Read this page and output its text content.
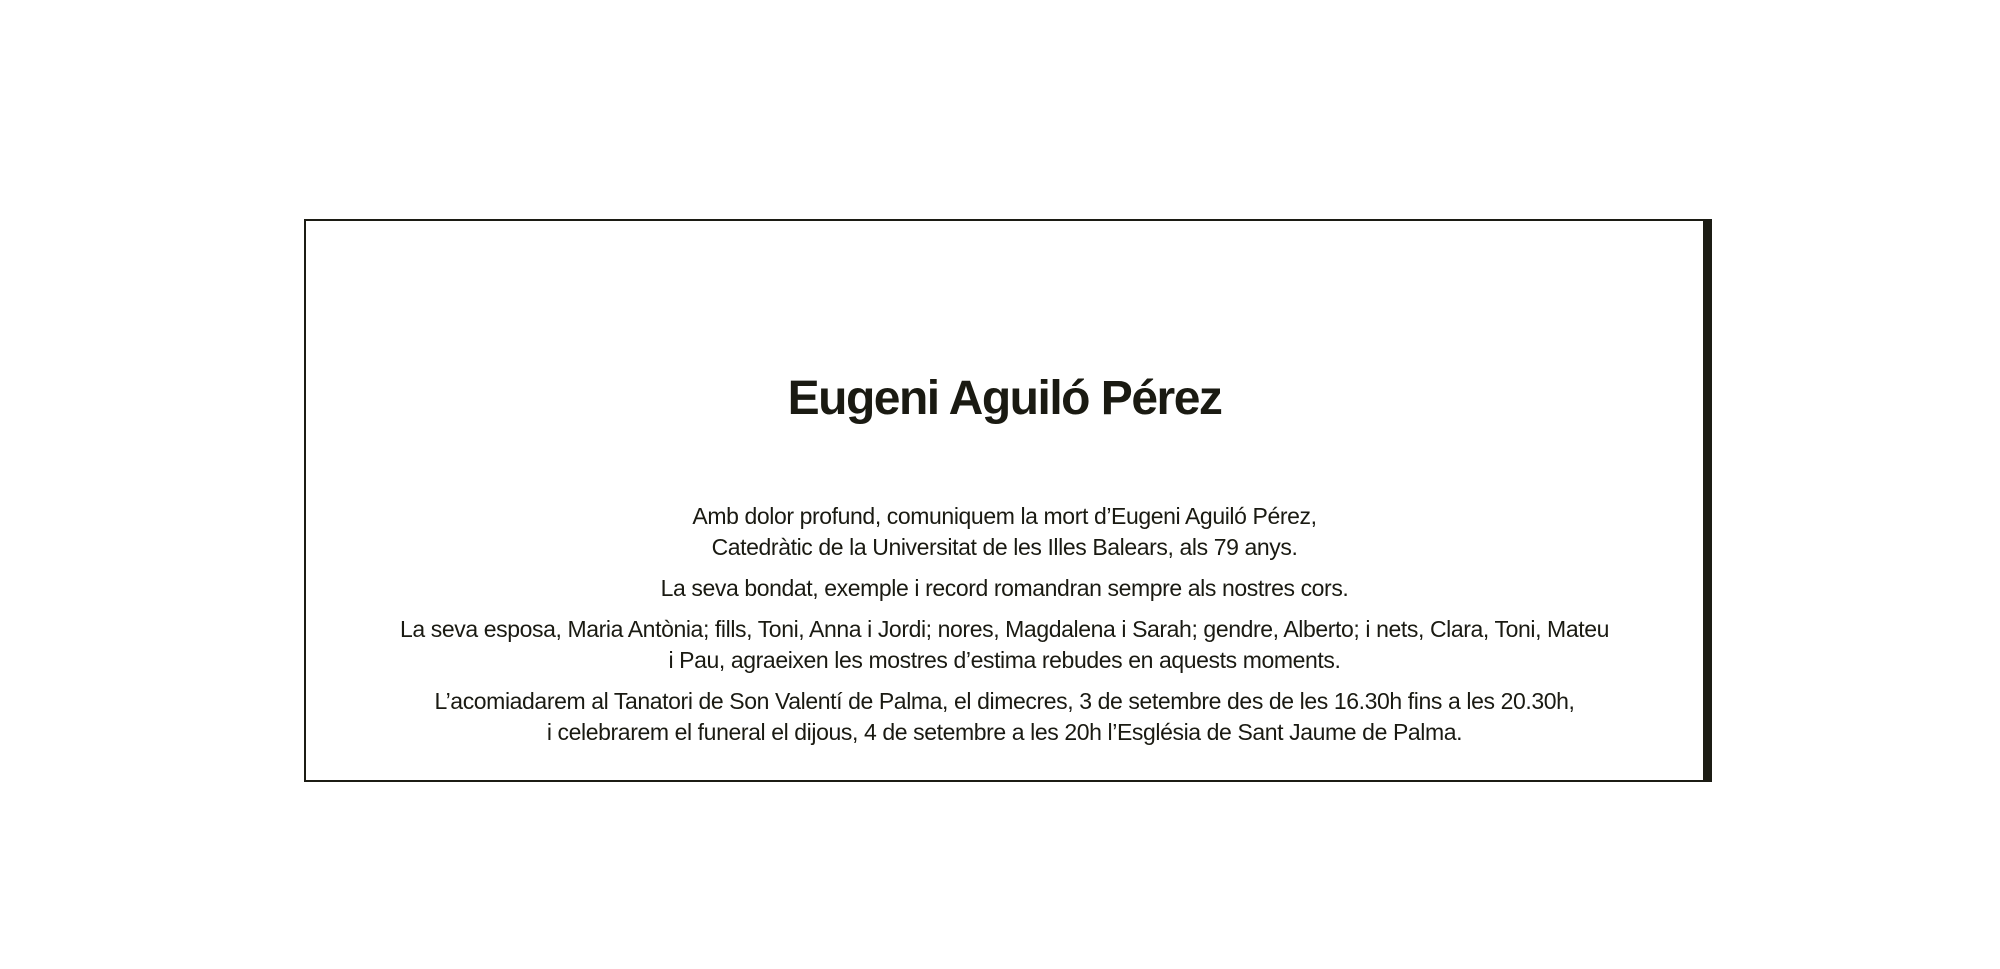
Eugeni Aguiló Pérez

Amb dolor profund, comuniquem la mort d’Eugeni Aguiló Pérez,
Catedràtic de la Universitat de les Illes Balears, als 79 anys.

La seva bondat, exemple i record romandran sempre als nostres cors.

La seva esposa, Maria Antònia; fills, Toni, Anna i Jordi; nores, Magdalena i Sarah; gendre, Alberto; i nets, Clara, Toni, Mateu
i Pau, agraeixen les mostres d’estima rebudes en aquests moments.

L’acomiadarem al Tanatori de Son Valentí de Palma, el dimecres, 3 de setembre des de les 16.30h fins a les 20.30h,
i celebrarem el funeral el dijous, 4 de setembre a les 20h l’Església de Sant Jaume de Palma.
